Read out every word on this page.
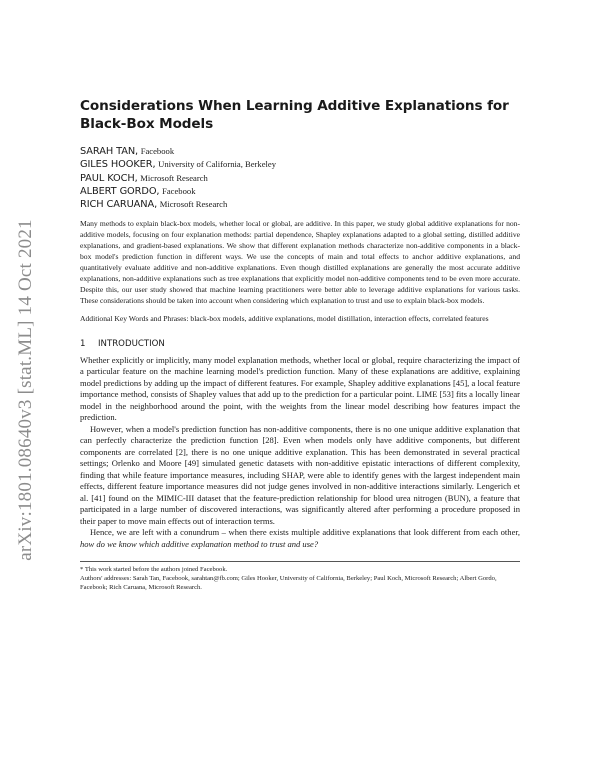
arXiv:1801.08640v3 [stat.ML] 14 Oct 2021
Considerations When Learning Additive Explanations for Black-Box Models
SARAH TAN, Facebook
GILES HOOKER, University of California, Berkeley
PAUL KOCH, Microsoft Research
ALBERT GORDO, Facebook
RICH CARUANA, Microsoft Research
Many methods to explain black-box models, whether local or global, are additive. In this paper, we study global additive explanations for non-additive models, focusing on four explanation methods: partial dependence, Shapley explanations adapted to a global setting, distilled additive explanations, and gradient-based explanations. We show that different explanation methods characterize non-additive components in a black-box model's prediction function in different ways. We use the concepts of main and total effects to anchor additive explanations, and quantitatively evaluate additive and non-additive explanations. Even though distilled explanations are generally the most accurate additive explanations, non-additive explanations such as tree explanations that explicitly model non-additive components tend to be even more accurate. Despite this, our user study showed that machine learning practitioners were better able to leverage additive explanations for various tasks. These considerations should be taken into account when considering which explanation to trust and use to explain black-box models.
Additional Key Words and Phrases: black-box models, additive explanations, model distillation, interaction effects, correlated features
1 INTRODUCTION

Whether explicitly or implicitly, many model explanation methods, whether local or global, require characterizing the impact of a particular feature on the machine learning model's prediction function. Many of these explanations are additive, explaining model predictions by adding up the impact of different features. For example, Shapley additive explanations [45], a local feature importance method, consists of Shapley values that add up to the prediction for a particular point. LIME [53] fits a locally linear model in the neighborhood around the point, with the weights from the linear model describing how features impact the prediction.

However, when a model's prediction function has non-additive components, there is no one unique additive explanation that can perfectly characterize the prediction function [28]. Even when models only have additive components, but different components are correlated [2], there is no one unique additive explanation. This has been demonstrated in several practical settings; Orlenko and Moore [49] simulated genetic datasets with non-additive epistatic interactions of different complexity, finding that while feature importance measures, including SHAP, were able to identify genes with the largest independent main effects, different feature importance measures did not judge genes involved in non-additive interactions similarly. Lengerich et al. [41] found on the MIMIC-III dataset that the feature-prediction relationship for blood urea nitrogen (BUN), a feature that participated in a large number of discovered interactions, was significantly altered after performing a procedure proposed in their paper to move main effects out of interaction terms.

Hence, we are left with a conundrum – when there exists multiple additive explanations that look different from each other, how do we know which additive explanation method to trust and use?

* This work started before the authors joined Facebook.
Authors' addresses: Sarah Tan, Facebook, sarahtan@fb.com; Giles Hooker, University of California, Berkeley; Paul Koch, Microsoft Research; Albert Gordo, Facebook; Rich Caruana, Microsoft Research.
